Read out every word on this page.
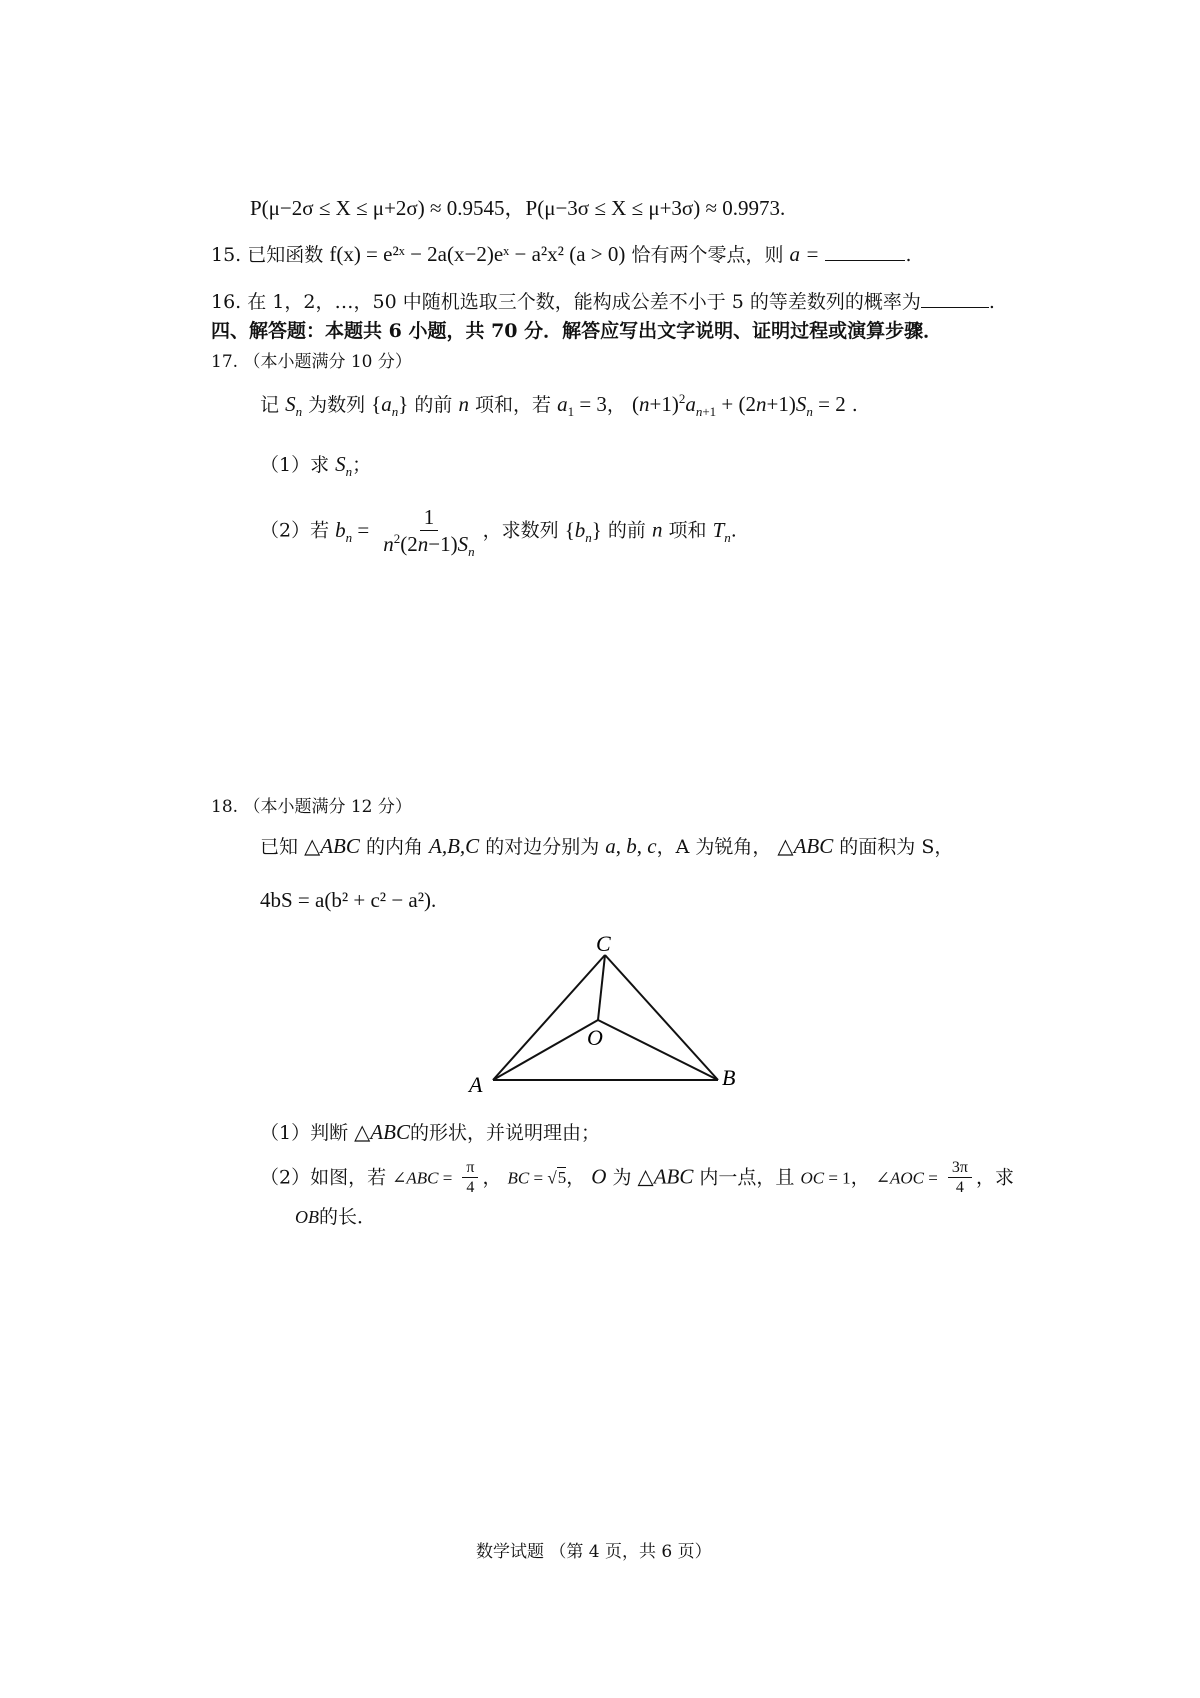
P(μ−2σ ≤ X ≤ μ+2σ) ≈ 0.9545，P(μ−3σ ≤ X ≤ μ+3σ) ≈ 0.9973.
15. 已知函数 f(x) = e²ˣ − 2a(x−2)eˣ − a²x² (a > 0) 恰有两个零点，则 a =	.
16. 在 1，2，…，50 中随机选取三个数，能构成公差不小于 5 的等差数列的概率为	.
四、解答题：本题共 6 小题，共 70 分．解答应写出文字说明、证明过程或演算步骤．
17. （本小题满分 10 分）
记 $S_n$ 为数列 $\{a_n\}$ 的前 n 项和，若 $a_1 = 3$， $(n+1)^2a_{n+1} + (2n+1)S_n = 2$ .
（1）求 $S_n$；
（2）若 $b_n = \frac{1}{n^2(2n-1)S_n}$ ，求数列 $\{b_n\}$ 的前 n 项和 $T_n$.
18. （本小题满分 12 分）
已知 △ABC 的内角 A,B,C 的对边分别为 a, b, c，A 为锐角， △ABC 的面积为 S，
4bS = a(b² + c² − a²).
C
O
A	B
（1）判断 △ABC的形状，并说明理由；
（2）如图，若 ∠ABC = $\frac{\pi}{4}$ ， BC = √5， O 为 △ABC 内一点，且 OC = 1， ∠AOC = $\frac{3\pi}{4}$ ，求
OB的长．
数学试题 （第 4 页，共 6 页）
